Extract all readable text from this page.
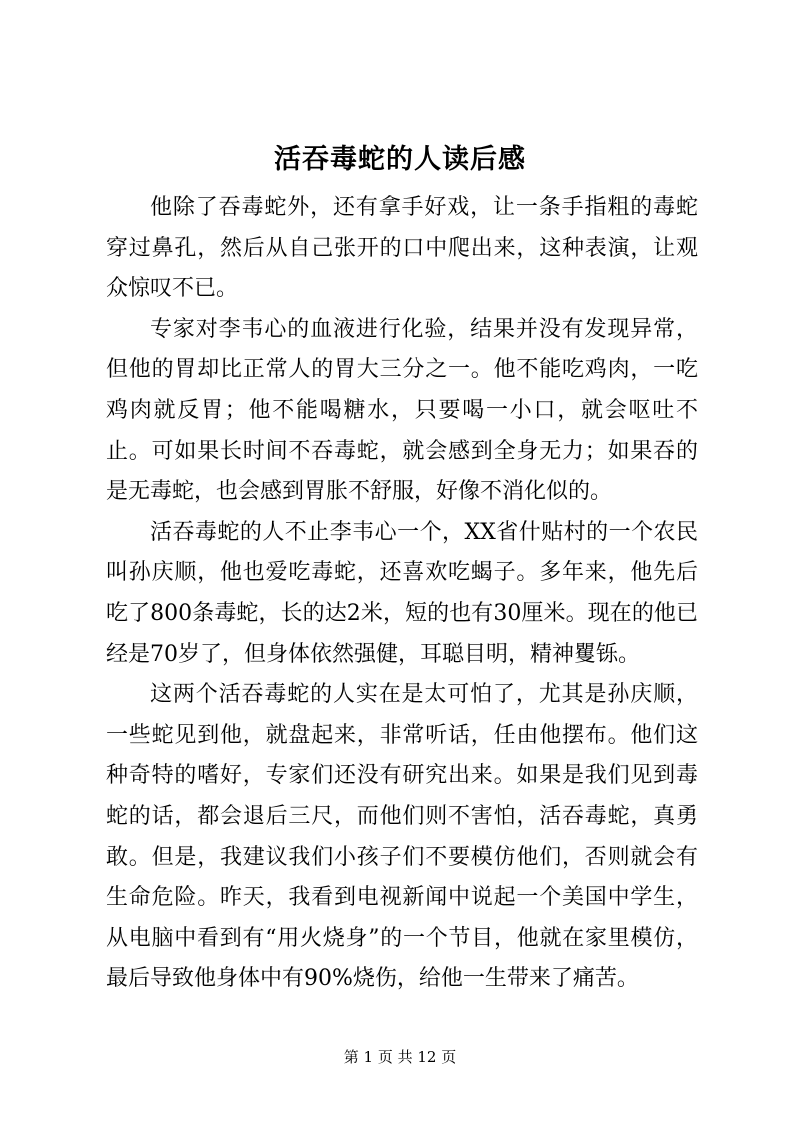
活吞毒蛇的人读后感

他除了吞毒蛇外，还有拿手好戏，让一条手指粗的毒蛇穿过鼻孔，然后从自己张开的口中爬出来，这种表演，让观众惊叹不已。

专家对李韦心的血液进行化验，结果并没有发现异常，但他的胃却比正常人的胃大三分之一。他不能吃鸡肉，一吃鸡肉就反胃；他不能喝糖水，只要喝一小口，就会呕吐不止。可如果长时间不吞毒蛇，就会感到全身无力；如果吞的是无毒蛇，也会感到胃胀不舒服，好像不消化似的。

活吞毒蛇的人不止李韦心一个，XX省什贴村的一个农民叫孙庆顺，他也爱吃毒蛇，还喜欢吃蝎子。多年来，他先后吃了800条毒蛇，长的达2米，短的也有30厘米。现在的他已经是70岁了，但身体依然强健，耳聪目明，精神矍铄。

这两个活吞毒蛇的人实在是太可怕了，尤其是孙庆顺，一些蛇见到他，就盘起来，非常听话，任由他摆布。他们这种奇特的嗜好，专家们还没有研究出来。如果是我们见到毒蛇的话，都会退后三尺，而他们则不害怕，活吞毒蛇，真勇敢。但是，我建议我们小孩子们不要模仿他们，否则就会有生命危险。昨天，我看到电视新闻中说起一个美国中学生，从电脑中看到有“用火烧身”的一个节目，他就在家里模仿，最后导致他身体中有90%烧伤，给他一生带来了痛苦。

第 1 页 共 12 页
